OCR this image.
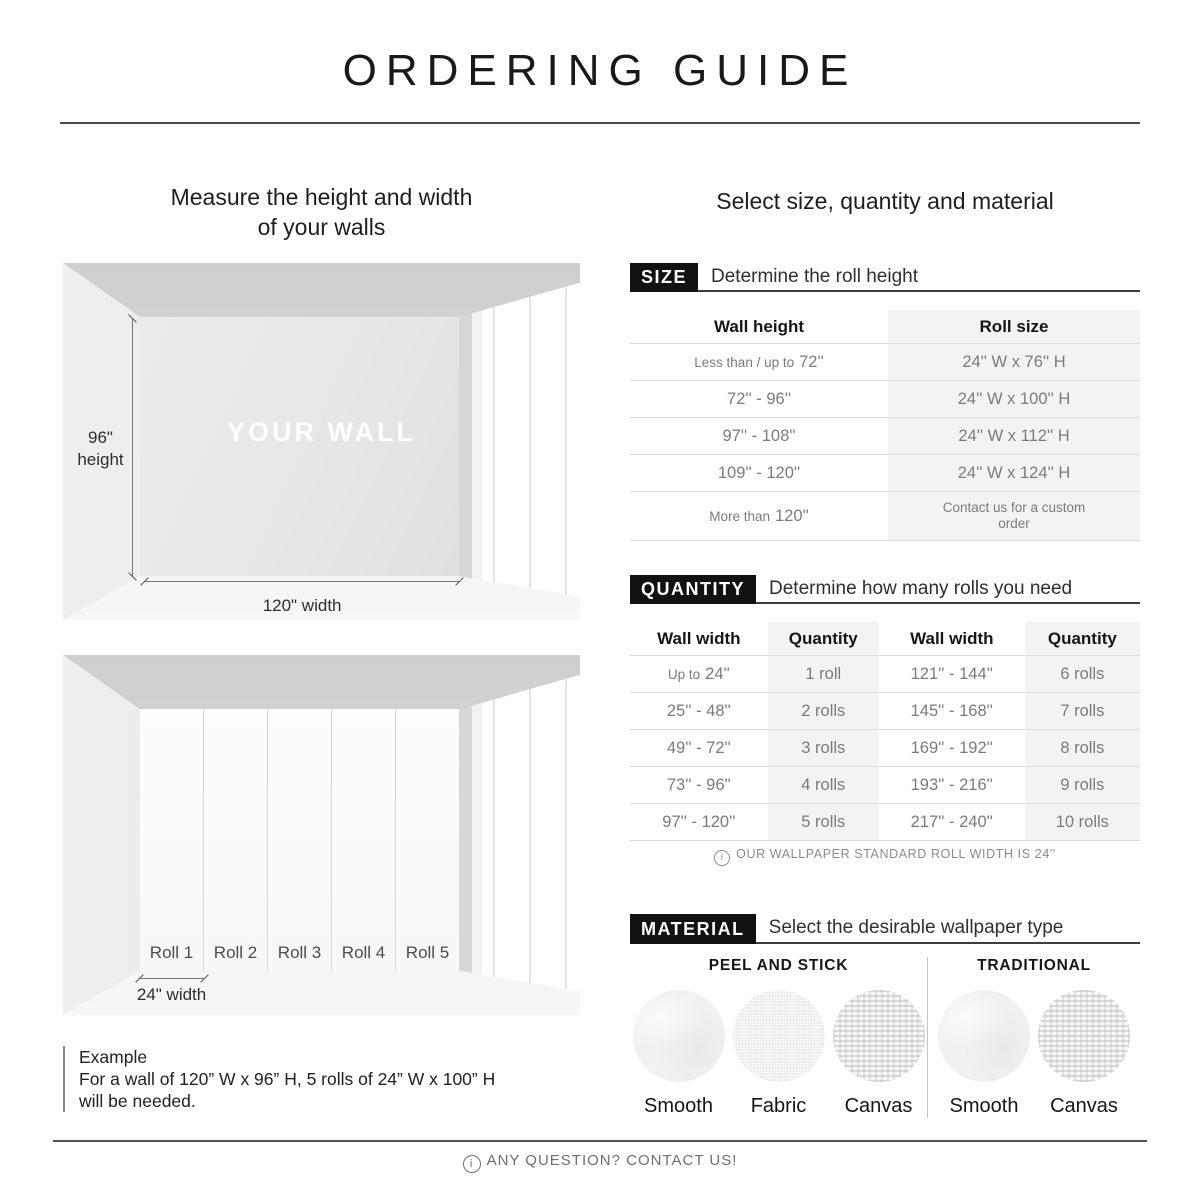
ORDERING GUIDE
Measure the height and width
of your walls
YOUR WALL
96"
height
120" width
Roll 1	Roll 2	Roll 3	Roll 4	Roll 5
24" width
Example
For a wall of 120” W x 96” H, 5 rolls of 24” W x 100” H
will be needed.
Select size, quantity and material
SIZE	Determine the roll height
Wall height	Roll size
Less than / up to 72''	24'' W x 76'' H
72'' - 96''	24'' W x 100'' H
97'' - 108''	24'' W x 112'' H
109'' - 120''	24'' W x 124'' H
More than 120''	Contact us for a custom order
QUANTITY	Determine how many rolls you need
Wall width	Quantity	Wall width	Quantity
Up to 24''	1 roll	121'' - 144''	6 rolls
25'' - 48''	2 rolls	145'' - 168''	7 rolls
49'' - 72''	3 rolls	169'' - 192''	8 rolls
73'' - 96''	4 rolls	193'' - 216''	9 rolls
97'' - 120''	5 rolls	217'' - 240''	10 rolls
i OUR WALLPAPER STANDARD ROLL WIDTH IS 24''
MATERIAL	Select the desirable wallpaper type
PEEL AND STICK
Smooth Fabric Canvas
TRADITIONAL
Smooth Canvas
i ANY QUESTION? CONTACT US!
